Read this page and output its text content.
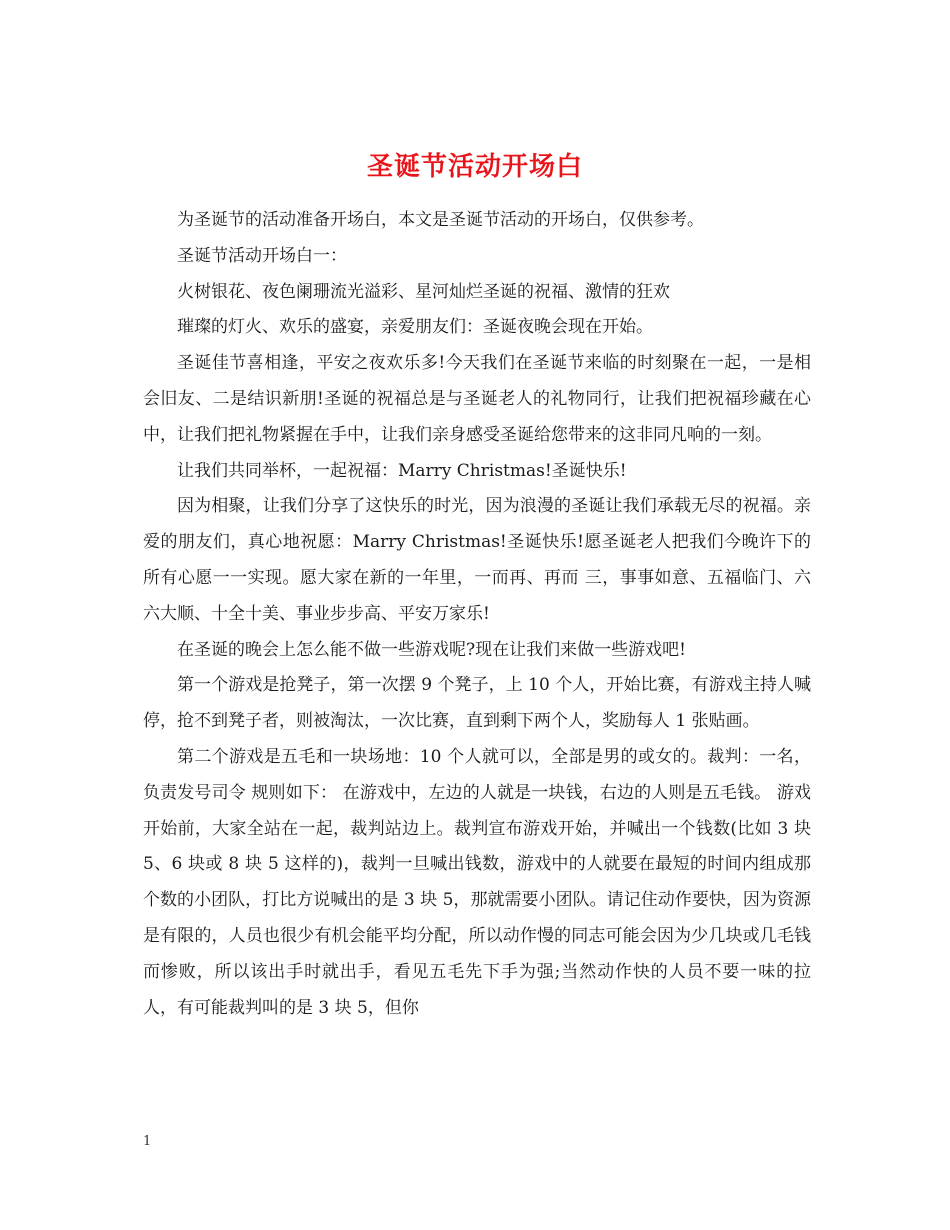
圣诞节活动开场白

为圣诞节的活动准备开场白，本文是圣诞节活动的开场白，仅供参考。

圣诞节活动开场白一：

火树银花、夜色阑珊流光溢彩、星河灿烂圣诞的祝福、激情的狂欢

璀璨的灯火、欢乐的盛宴，亲爱朋友们：圣诞夜晚会现在开始。

圣诞佳节喜相逢，平安之夜欢乐多!今天我们在圣诞节来临的时刻聚在一起，一是相会旧友、二是结识新朋!圣诞的祝福总是与圣诞老人的礼物同行，让我们把祝福珍藏在心中，让我们把礼物紧握在手中，让我们亲身感受圣诞给您带来的这非同凡响的一刻。

让我们共同举杯，一起祝福：Marry Christmas!圣诞快乐!

因为相聚，让我们分享了这快乐的时光，因为浪漫的圣诞让我们承载无尽的祝福。亲爱的朋友们，真心地祝愿：Marry Christmas!圣诞快乐!愿圣诞老人把我们今晚许下的所有心愿一一实现。愿大家在新的一年里，一而再、再而 三，事事如意、五福临门、六六大顺、十全十美、事业步步高、平安万家乐!

在圣诞的晚会上怎么能不做一些游戏呢?现在让我们来做一些游戏吧!

第一个游戏是抢凳子，第一次摆 9 个凳子，上 10 个人，开始比赛，有游戏主持人喊停，抢不到凳子者，则被淘汰，一次比赛，直到剩下两个人，奖励每人 1 张贴画。

第二个游戏是五毛和一块场地：10 个人就可以，全部是男的或女的。裁判：一名，负责发号司令 规则如下： 在游戏中，左边的人就是一块钱，右边的人则是五毛钱。 游戏开始前，大家全站在一起，裁判站边上。裁判宣布游戏开始，并喊出一个钱数(比如 3 块 5、6 块或 8 块 5 这样的)，裁判一旦喊出钱数，游戏中的人就要在最短的时间内组成那个数的小团队，打比方说喊出的是 3 块 5，那就需要小团队。请记住动作要快，因为资源是有限的，人员也很少有机会能平均分配，所以动作慢的同志可能会因为少几块或几毛钱而惨败，所以该出手时就出手，看见五毛先下手为强;当然动作快的人员不要一味的拉人，有可能裁判叫的是 3 块 5，但你

1
